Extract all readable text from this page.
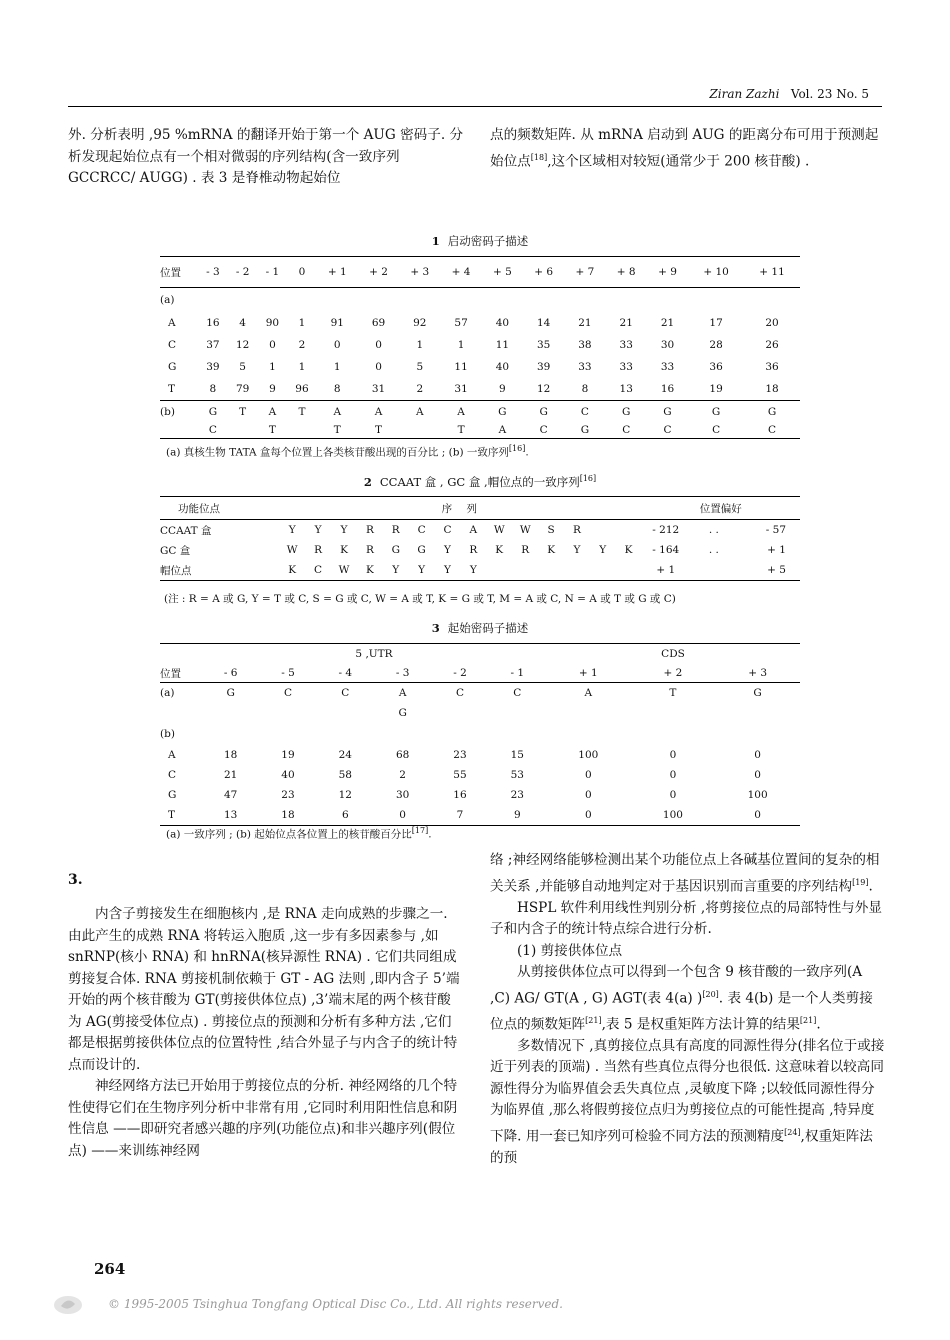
Ziran Zazhi Vol. 23 No. 5

外. 分析表明 ,95 %mRNA 的翻译开始于第一个 AUG 密码子. 分析发现起始位点有一个相对微弱的序列结构(含一致序列 GCCRCC/ AUGG) . 表 3 是脊椎动物起始位

点的频数矩阵. 从 mRNA 启动到 AUG 的距离分布可用于预测起始位点[18],这个区域相对较短(通常少于 200 核苷酸) .

1 启动密码子描述
位置	- 3	- 2	- 1	0	+ 1	+ 2	+ 3	+ 4	+ 5	+ 6	+ 7	+ 8	+ 9	+ 10	+ 11
(a)															
A	16	4	90	1	91	69	92	57	40	14	21	21	21	17	20
C	37	12	0	2	0	0	1	1	11	35	38	33	30	28	26
G	39	5	1	1	1	0	5	11	40	39	33	33	33	36	36
T	8	79	9	96	8	31	2	31	9	12	8	13	16	19	18
(b)	G	T	A	T	A	A	A	A	G	G	C	G	G	G	G
	C		T		T	T		T	A	C	G	C	C	C	C
(a) 真核生物 TATA 盒每个位置上各类核苷酸出现的百分比 ; (b) 一致序列[16].
2 CCAAT 盒 , GC 盒 ,帽位点的一致序列[16]
功能位点	序　列														位置偏好		
CCAAT 盒	Y	Y	Y	R	R	C	C	A	W	W	S	R			- 212	. .	- 57
GC 盒	W	R	K	R	G	G	Y	R	K	R	K	Y	Y	K	- 164	. .	+ 1
帽位点	K	C	W	K	Y	Y	Y	Y							+ 1		+ 5
(注 : R = A 或 G, Y = T 或 C, S = G 或 C, W = A 或 T, K = G 或 T, M = A 或 C, N = A 或 T 或 G 或 C)
3 起始密码子描述
	5 ,UTR						CDS		
位置	- 6	- 5	- 4	- 3	- 2	- 1	+ 1	+ 2	+ 3
(a)	G	C	C	A	C	C	A	T	G
				G					
(b)									
A	18	19	24	68	23	15	100	0	0
C	21	40	58	2	55	53	0	0	0
G	47	23	12	30	16	23	0	0	100
T	13	18	6	0	7	9	0	100	0
(a) 一致序列 ; (b) 起始位点各位置上的核苷酸百分比[17].
3.

内含子剪接发生在细胞核内 ,是 RNA 走向成熟的步骤之一. 由此产生的成熟 RNA 将转运入胞质 ,这一步有多因素参与 ,如 snRNP(核小 RNA) 和 hnRNA(核异源性 RNA) . 它们共同组成剪接复合体. RNA 剪接机制依赖于 GT - AG 法则 ,即内含子 5’端开始的两个核苷酸为 GT(剪接供体位点) ,3’端末尾的两个核苷酸为 AG(剪接受体位点) . 剪接位点的预测和分析有多种方法 ,它们都是根据剪接供体位点的位置特性 ,结合外显子与内含子的统计特点而设计的.

神经网络方法已开始用于剪接位点的分析. 神经网络的几个特性使得它们在生物序列分析中非常有用 ,它同时利用阳性信息和阴性信息 ——即研究者感兴趣的序列(功能位点)和非兴趣序列(假位点) ——来训练神经网

络 ;神经网络能够检测出某个功能位点上各碱基位置间的复杂的相关关系 ,并能够自动地判定对于基因识别而言重要的序列结构[19].

HSPL 软件利用线性判别分析 ,将剪接位点的局部特性与外显子和内含子的统计特点综合进行分析.

(1) 剪接供体位点

从剪接供体位点可以得到一个包含 9 核苷酸的一致序列(A ,C) AG/ GT(A , G) AGT(表 4(a) )[20]. 表 4(b) 是一个人类剪接位点的频数矩阵[21],表 5 是权重矩阵方法计算的结果[21].

多数情况下 ,真剪接位点具有高度的同源性得分(排名位于或接近于列表的顶端) . 当然有些真位点得分也很低. 这意味着以较高同源性得分为临界值会丢失真位点 ,灵敏度下降 ;以较低同源性得分为临界值 ,那么将假剪接位点归为剪接位点的可能性提高 ,特异度下降. 用一套已知序列可检验不同方法的预测精度[24],权重矩阵法的预

264
© 1995-2005 Tsinghua Tongfang Optical Disc Co., Ltd. All rights reserved.
